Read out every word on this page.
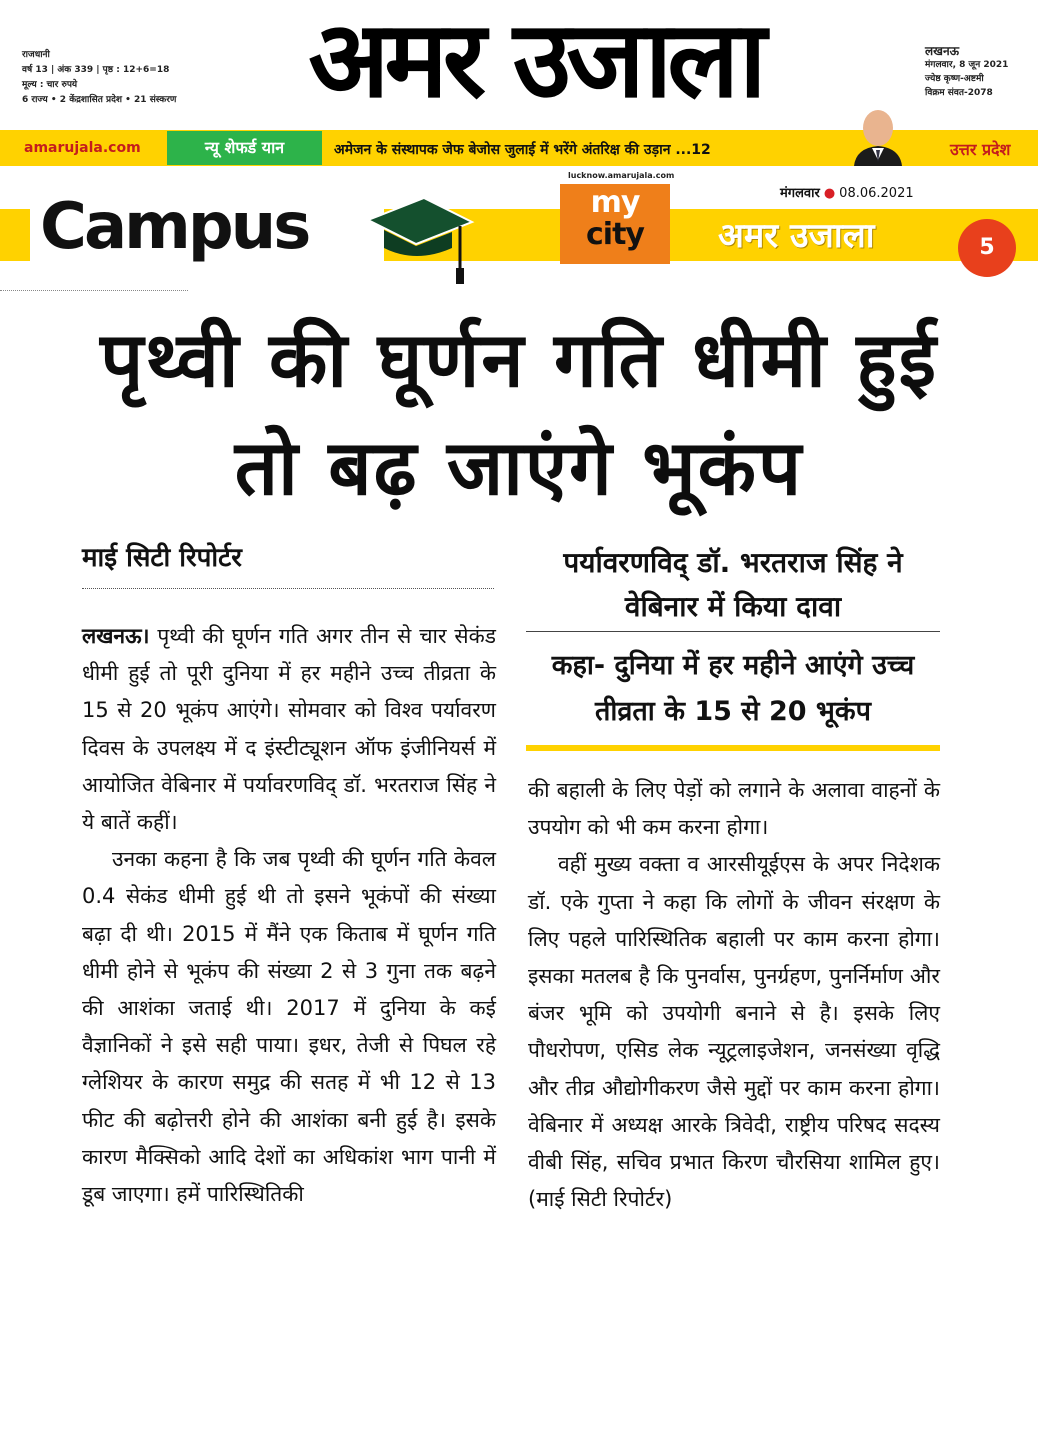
राजधानी
वर्ष 13 | अंक 339 | पृष्ठ : 12+6=18
मूल्य : चार रुपये
6 राज्य • 2 केंद्रशासित प्रदेश • 21 संस्करण	अमर उजाला	लखनऊ
मंगलवार, 8 जून 2021
ज्येष्ठ कृष्ण-अष्टमी
विक्रम संवत-2078
amarujala.com	न्यू शेफर्ड यान	अमेजन के संस्थापक जेफ बेजोस जुलाई में भरेंगे अंतरिक्ष की उड़ान ...12	उत्तर प्रदेश
Campus
lucknow.amarujala.com
my
city
मंगलवार ● 08.06.2021
अमर उजाला	5
पृथ्वी की घूर्णन गति धीमी हुई तो बढ़ जाएंगे भूकंप
माई सिटी रिपोर्टर	पर्यावरणविद् डॉ. भरतराज सिंह ने वेबिनार में किया दावा
कहा- दुनिया में हर महीने आएंगे उच्च तीव्रता के 15 से 20 भूकंप

लखनऊ। पृथ्वी की घूर्णन गति अगर तीन से चार सेकंड धीमी हुई तो पूरी दुनिया में हर महीने उच्च तीव्रता के 15 से 20 भूकंप आएंगे। सोमवार को विश्व पर्यावरण दिवस के उपलक्ष्य में द इंस्टीट्यूशन ऑफ इंजीनियर्स में आयोजित वेबिनार में पर्यावरणविद् डॉ. भरतराज सिंह ने ये बातें कहीं।

उनका कहना है कि जब पृथ्वी की घूर्णन गति केवल 0.4 सेकंड धीमी हुई थी तो इसने भूकंपों की संख्या बढ़ा दी थी। 2015 में मैंने एक किताब में घूर्णन गति धीमी होने से भूकंप की संख्या 2 से 3 गुना तक बढ़ने की आशंका जताई थी। 2017 में दुनिया के कई वैज्ञानिकों ने इसे सही पाया। इधर, तेजी से पिघल रहे ग्लेशियर के कारण समुद्र की सतह में भी 12 से 13 फीट की बढ़ोत्तरी होने की आशंका बनी हुई है। इसके कारण मैक्सिको आदि देशों का अधिकांश भाग पानी में डूब जाएगा। हमें पारिस्थितिकी

की बहाली के लिए पेड़ों को लगाने के अलावा वाहनों के उपयोग को भी कम करना होगा।

वहीं मुख्य वक्ता व आरसीयूईएस के अपर निदेशक डॉ. एके गुप्ता ने कहा कि लोगों के जीवन संरक्षण के लिए पहले पारिस्थितिक बहाली पर काम करना होगा। इसका मतलब है कि पुनर्वास, पुनर्ग्रहण, पुनर्निर्माण और बंजर भूमि को उपयोगी बनाने से है। इसके लिए पौधरोपण, एसिड लेक न्यूट्रलाइजेशन, जनसंख्या वृद्धि और तीव्र औद्योगीकरण जैसे मुद्दों पर काम करना होगा। वेबिनार में अध्यक्ष आरके त्रिवेदी, राष्ट्रीय परिषद सदस्य वीबी सिंह, सचिव प्रभात किरण चौरसिया शामिल हुए। (माई सिटी रिपोर्टर)
